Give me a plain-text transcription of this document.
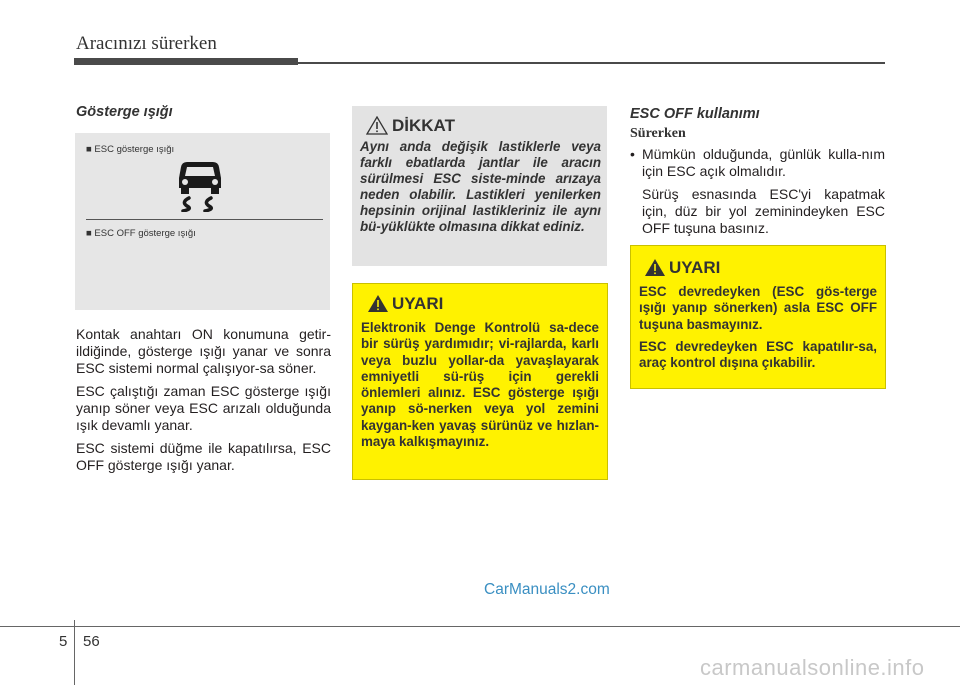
Aracınızı sürerken
Gösterge ışığı
■ ESC gösterge ışığı
■ ESC OFF gösterge ışığı

Kontak anahtarı ON konumuna getir-ildiğinde, gösterge ışığı yanar ve sonra ESC sistemi normal çalışıyor-sa söner.

ESC çalıştığı zaman ESC gösterge ışığı yanıp söner veya ESC arızalı olduğunda ışık devamlı yanar.

ESC sistemi düğme ile kapatılırsa, ESC OFF gösterge ışığı yanar.

DİKKAT
Aynı anda değişik lastiklerle veya farklı ebatlarda jantlar ile aracın sürülmesi ESC siste-minde arızaya neden olabilir. Lastikleri yenilerken hepsinin orijinal lastikleriniz ile aynı bü-yüklükte olmasına dikkat ediniz.
UYARI
Elektronik Denge Kontrolü sa-dece bir sürüş yardımıdır; vi-rajlarda, karlı veya buzlu yollar-da yavaşlayarak emniyetli sü-rüş için gerekli önlemleri alınız. ESC gösterge ışığı yanıp sö-nerken veya yol zemini kaygan-ken yavaş sürünüz ve hızlan-maya kalkışmayınız.
ESC OFF kullanımı
Sürerken
• Mümkün olduğunda, günlük kulla-nım için ESC açık olmalıdır.
Sürüş esnasında ESC'yi kapatmak için, düz bir yol zeminindeyken ESC OFF tuşuna basınız.
UYARI

ESC devredeyken (ESC gös-terge ışığı yanıp sönerken) asla ESC OFF tuşuna basmayınız.

ESC devredeyken ESC kapatılır-sa, araç kontrol dışına çıkabilir.

CarManuals2.com
5 56
carmanualsonline.info
